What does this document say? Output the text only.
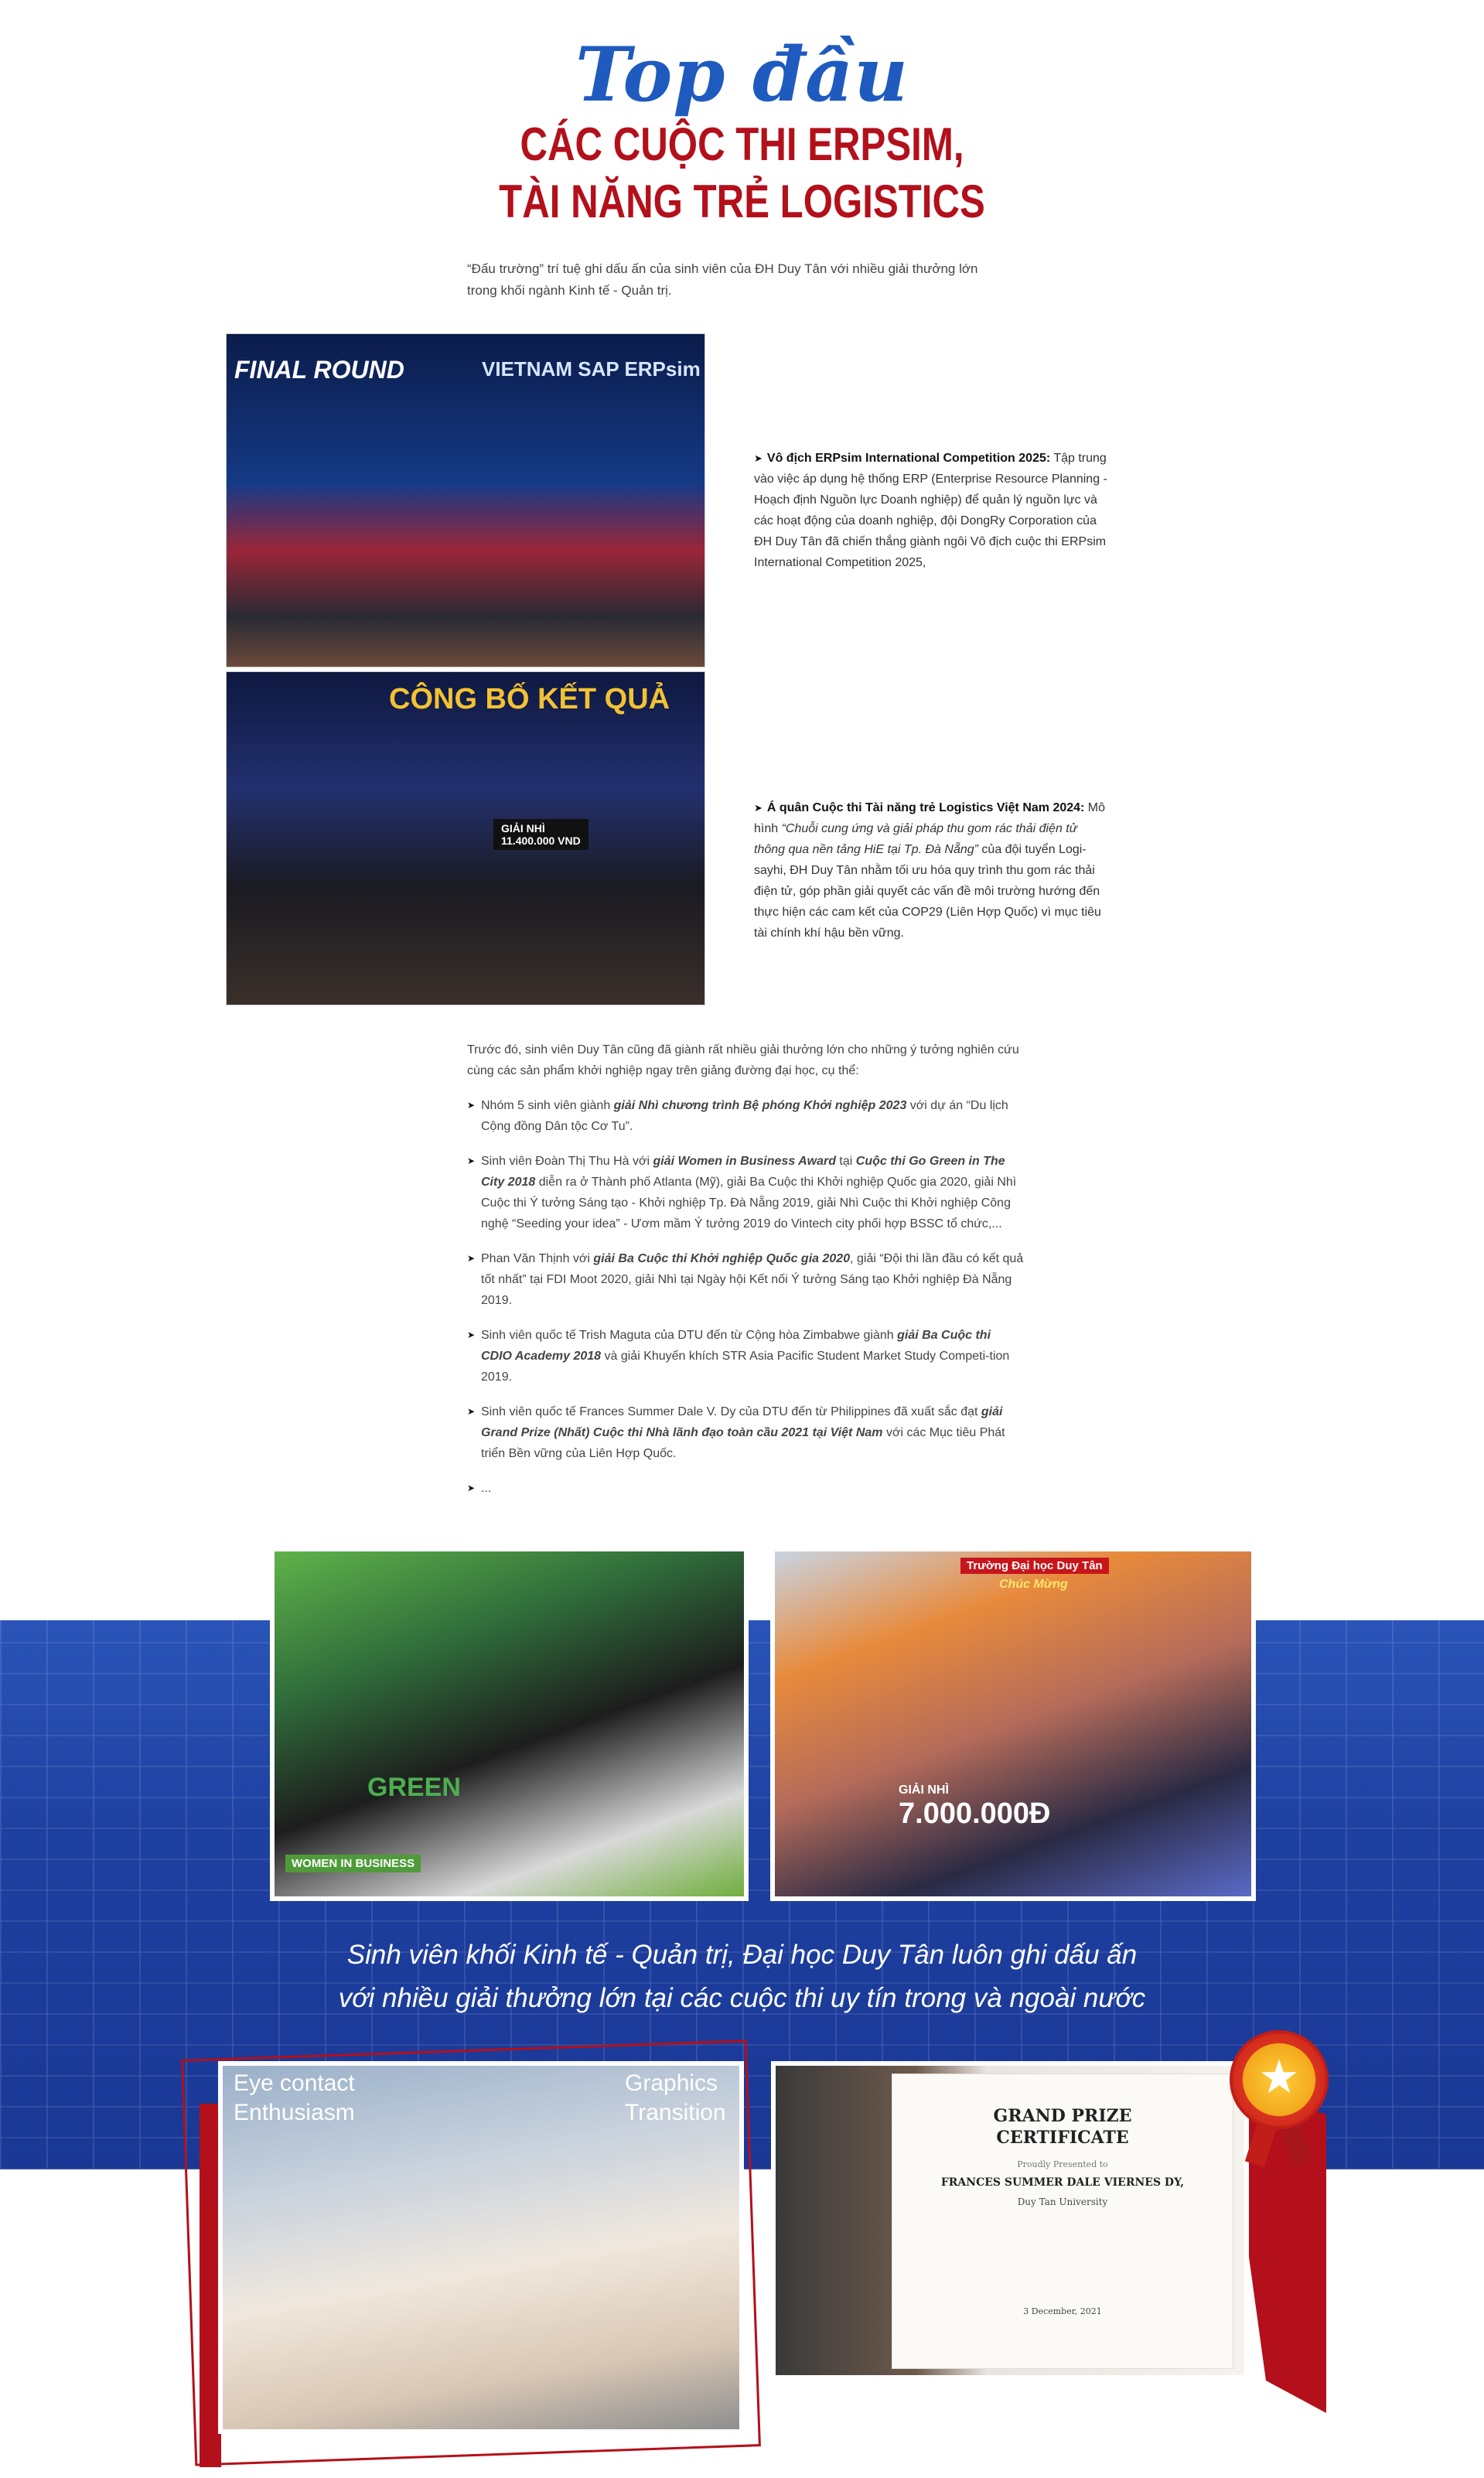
Top đầu
CÁC CUỘC THI ERPSIM,
TÀI NĂNG TRẺ LOGISTICS
“Đấu trường” trí tuệ ghi dấu ấn của sinh viên của ĐH Duy Tân với nhiều giải thưởng lớn trong khối ngành Kinh tế - Quản trị.
FINAL ROUND	VIETNAM SAP ERPsim
➤ Vô địch ERPsim International Competition 2025: Tập trung vào việc áp dụng hệ thống ERP (Enterprise Resource Planning - Hoạch định Nguồn lực Doanh nghiệp) để quản lý nguồn lực và các hoạt động của doanh nghiệp, đội DongRy Corporation của ĐH Duy Tân đã chiến thắng giành ngôi Vô địch cuộc thi ERPsim International Competition 2025,
CÔNG BỐ KẾT QUẢ
GIẢI NHÌ
11.400.000 VND
➤ Á quân Cuộc thi Tài năng trẻ Logistics Việt Nam 2024: Mô hình “Chuỗi cung ứng và giải pháp thu gom rác thải điện tử thông qua nền tảng HiE tại Tp. Đà Nẵng” của đội tuyển Logi-sayhi, ĐH Duy Tân nhằm tối ưu hóa quy trình thu gom rác thải điện tử, góp phần giải quyết các vấn đề môi trường hướng đến thực hiện các cam kết của COP29 (Liên Hợp Quốc) vì mục tiêu tài chính khí hậu bền vững.

Trước đó, sinh viên Duy Tân cũng đã giành rất nhiều giải thưởng lớn cho những ý tưởng nghiên cứu cùng các sản phẩm khởi nghiệp ngay trên giảng đường đại học, cụ thể:

➤ Nhóm 5 sinh viên giành giải Nhì chương trình Bệ phóng Khởi nghiệp 2023 với dự án “Du lịch Cộng đồng Dân tộc Cơ Tu”.
➤ Sinh viên Đoàn Thị Thu Hà với giải Women in Business Award tại Cuộc thi Go Green in The City 2018 diễn ra ở Thành phố Atlanta (Mỹ), giải Ba Cuộc thi Khởi nghiệp Quốc gia 2020, giải Nhì Cuộc thi Ý tưởng Sáng tạo - Khởi nghiệp Tp. Đà Nẵng 2019, giải Nhì Cuộc thi Khởi nghiệp Công nghệ “Seeding your idea” - Ươm mầm Ý tưởng 2019 do Vintech city phối hợp BSSC tổ chức,...
➤ Phan Văn Thịnh với giải Ba Cuộc thi Khởi nghiệp Quốc gia 2020, giải “Đội thi lần đầu có kết quả tốt nhất” tại FDI Moot 2020, giải Nhì tại Ngày hội Kết nối Ý tưởng Sáng tạo Khởi nghiệp Đà Nẵng 2019.
➤ Sinh viên quốc tế Trish Maguta của DTU đến từ Cộng hòa Zimbabwe giành giải Ba Cuộc thi CDIO Academy 2018 và giải Khuyến khích STR Asia Pacific Student Market Study Competi-tion 2019.
➤ Sinh viên quốc tế Frances Summer Dale V. Dy của DTU đến từ Philippines đã xuất sắc đạt giải Grand Prize (Nhất) Cuộc thi Nhà lãnh đạo toàn cầu 2021 tại Việt Nam với các Mục tiêu Phát triển Bền vững của Liên Hợp Quốc.
➤ ...
GREEN
WOMEN IN BUSINESS
Trường Đại học Duy Tân
Chúc Mừng
GIẢI NHÌ
7.000.000Đ
Sinh viên khối Kinh tế - Quản trị, Đại học Duy Tân luôn ghi dấu ấn
với nhiều giải thưởng lớn tại các cuộc thi uy tín trong và ngoài nước
Eye contact
Enthusiasm
Graphics
Transition	GRAND PRIZE
CERTIFICATE
Proudly Presented to
FRANCES SUMMER DALE VIERNES DY,
Duy Tan University
3 December, 2021
★
